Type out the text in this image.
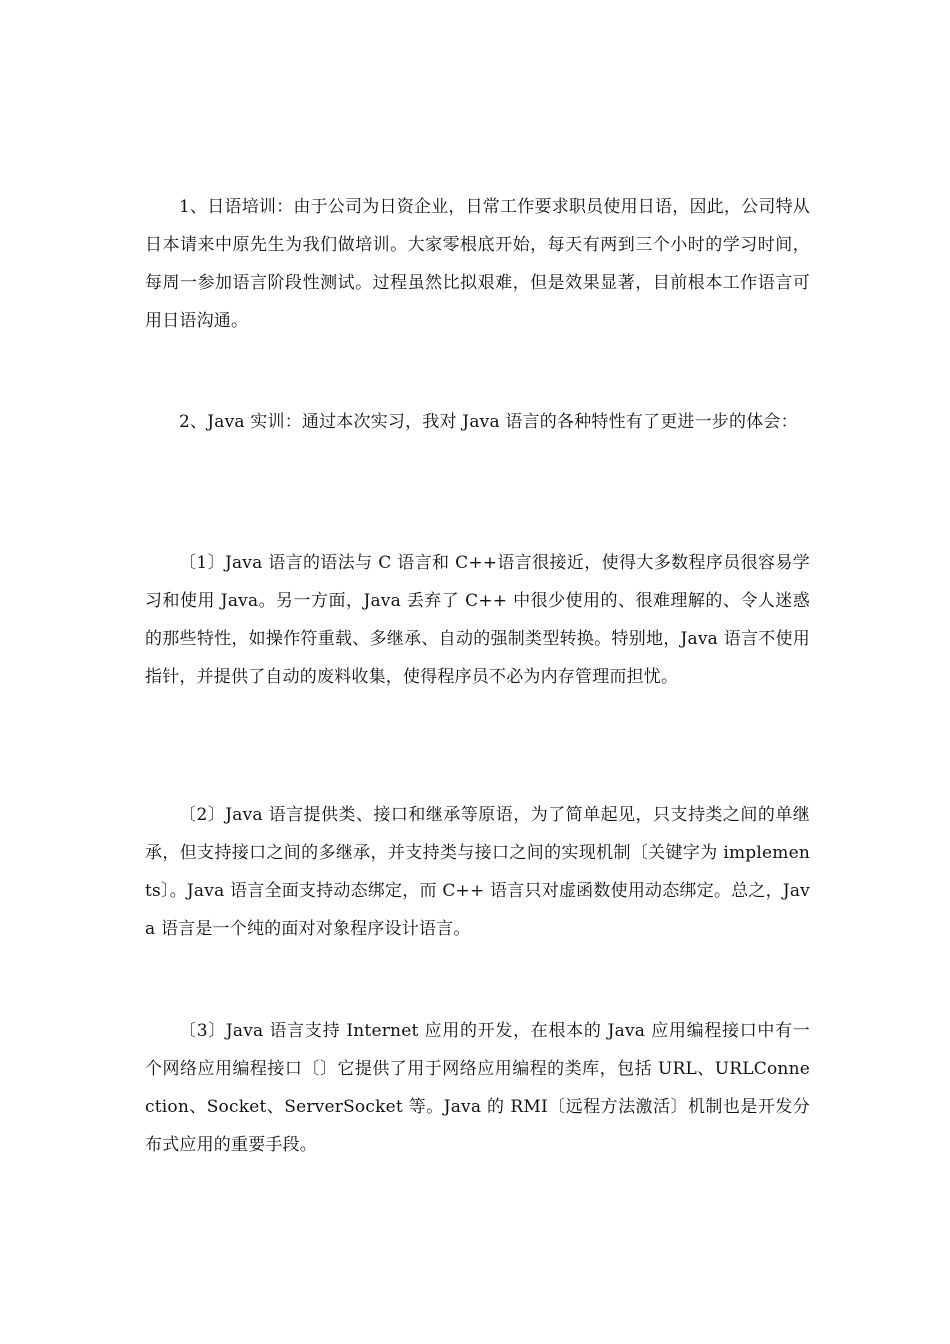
1、日语培训：由于公司为日资企业，日常工作要求职员使用日语，因此，公司特从日本请来中原先生为我们做培训。大家零根底开始，每天有两到三个小时的学习时间，每周一参加语言阶段性测试。过程虽然比拟艰难，但是效果显著，目前根本工作语言可用日语沟通。

2、Java 实训：通过本次实习，我对 Java 语言的各种特性有了更进一步的体会：

〔1〕Java 语言的语法与 C 语言和 C++语言很接近，使得大多数程序员很容易学习和使用 Java。另一方面，Java 丢弃了 C++ 中很少使用的、很难理解的、令人迷惑的那些特性，如操作符重载、多继承、自动的强制类型转换。特别地，Java 语言不使用指针，并提供了自动的废料收集，使得程序员不必为内存管理而担忧。

〔2〕Java 语言提供类、接口和继承等原语，为了简单起见，只支持类之间的单继承，但支持接口之间的多继承，并支持类与接口之间的实现机制〔关键字为 implements〕。Java 语言全面支持动态绑定，而 C++ 语言只对虚函数使用动态绑定。总之，Java 语言是一个纯的面对对象程序设计语言。

〔3〕Java 语言支持 Internet 应用的开发，在根本的 Java 应用编程接口中有一个网络应用编程接口〔〕它提供了用于网络应用编程的类库，包括 URL、URLConnection、Socket、ServerSocket 等。Java 的 RMI〔远程方法激活〕机制也是开发分布式应用的重要手段。
